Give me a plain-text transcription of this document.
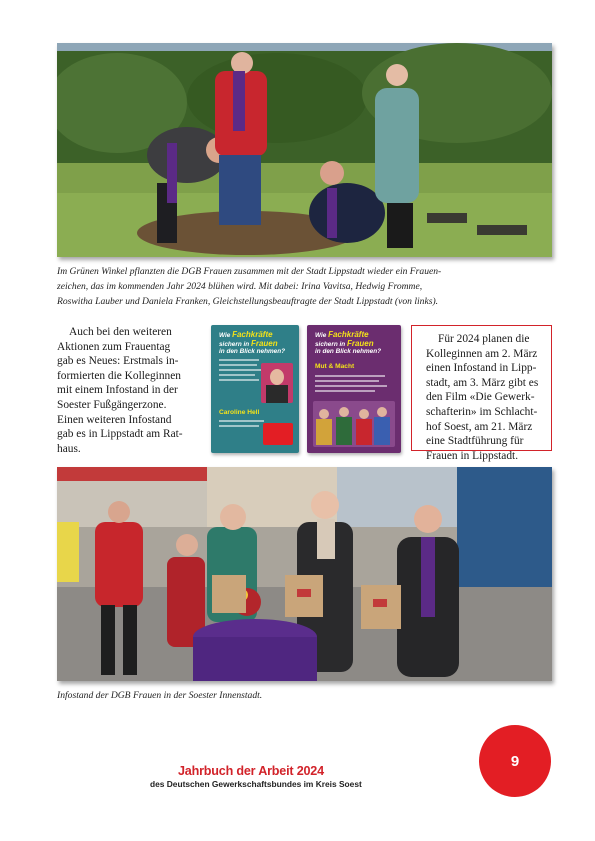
Im Grünen Winkel pflanzten die DGB Frauen zusammen mit der Stadt Lippstadt wieder ein Frauen-
zeichen, das im kommenden Jahr 2024 blühen wird. Mit dabei: Irina Vavitsa, Hedwig Fromme,
Roswitha Lauber und Daniela Franken, Gleichstellungsbeauftragte der Stadt Lippstadt (von links).
Auch bei den weiteren
Aktionen zum Frauentag
gab es Neues: Erstmals in-
formierten die Kolleginnen
mit einem Infostand in der
Soester Fußgängerzone.
Einen weiteren Infostand
gab es in Lippstadt am Rat-
haus.
Wie Fachkräfte
sichern in Frauen
in den Blick nehmen?
Caroline Hell
Wie Fachkräfte
sichern in Frauen
in den Blick nehmen?
Mut & Macht
Für 2024 planen die
Kolleginnen am 2. März
einen Infostand in Lipp-
stadt, am 3. März gibt es
den Film «Die Gewerk-
schafterin» im Schlacht-
hof Soest, am 21. März
eine Stadtführung für
Frauen in Lippstadt.
Infostand der DGB Frauen in der Soester Innenstadt.
Jahrbuch der Arbeit 2024
des Deutschen Gewerkschaftsbundes im Kreis Soest
9
